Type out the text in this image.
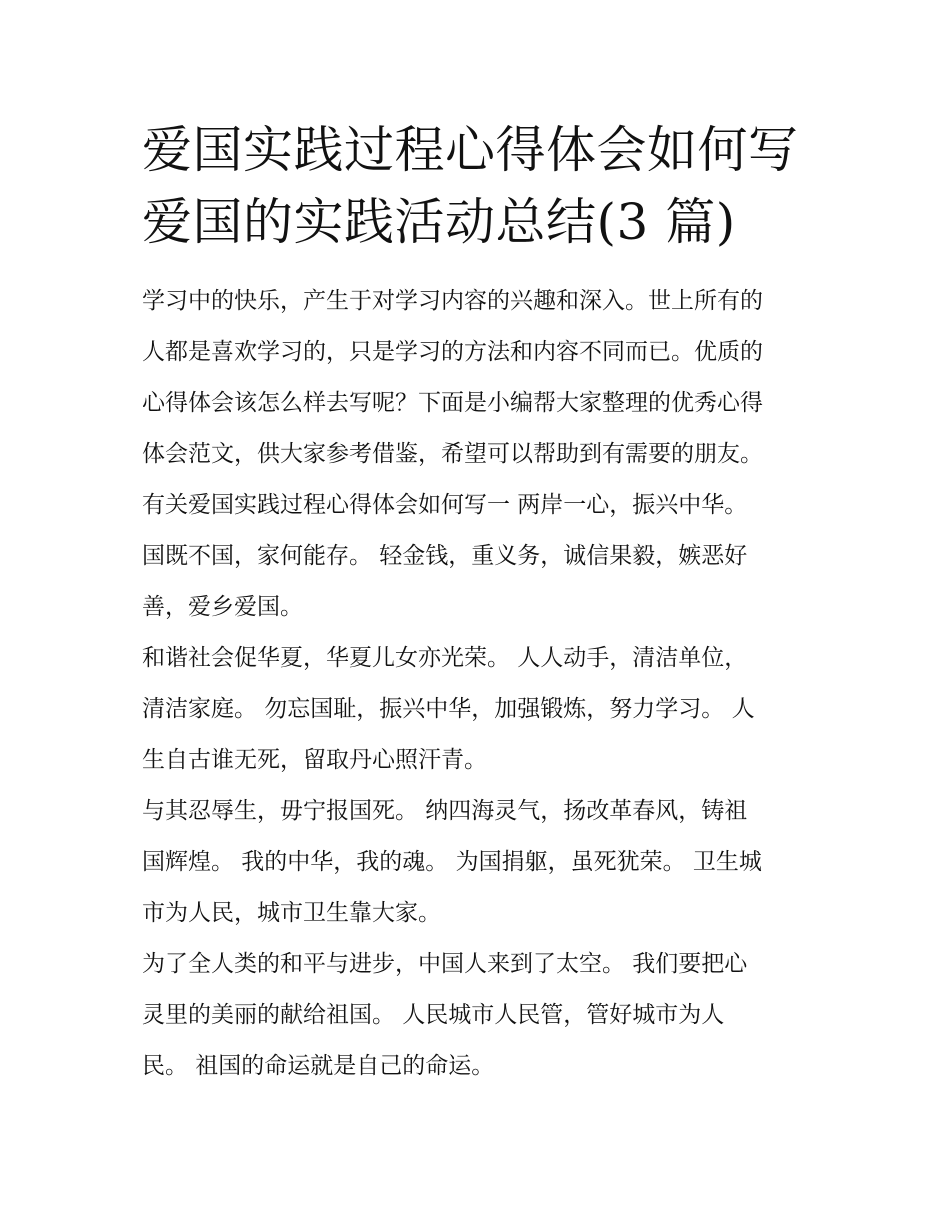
爱国实践过程心得体会如何写
爱国的实践活动总结(3 篇)
学习中的快乐，产生于对学习内容的兴趣和深入。世上所有的
人都是喜欢学习的，只是学习的方法和内容不同而已。优质的
心得体会该怎么样去写呢？下面是小编帮大家整理的优秀心得
体会范文，供大家参考借鉴，希望可以帮助到有需要的朋友。
有关爱国实践过程心得体会如何写一 两岸一心，振兴中华。
国既不国，家何能存。 轻金钱，重义务，诚信果毅，嫉恶好
善，爱乡爱国。
和谐社会促华夏，华夏儿女亦光荣。 人人动手，清洁单位，
清洁家庭。 勿忘国耻，振兴中华，加强锻炼，努力学习。 人
生自古谁无死，留取丹心照汗青。
与其忍辱生，毋宁报国死。 纳四海灵气，扬改革春风，铸祖
国辉煌。 我的中华，我的魂。 为国捐躯，虽死犹荣。 卫生城
市为人民，城市卫生靠大家。
为了全人类的和平与进步，中国人来到了太空。 我们要把心
灵里的美丽的献给祖国。 人民城市人民管，管好城市为人
民。 祖国的命运就是自己的命运。
